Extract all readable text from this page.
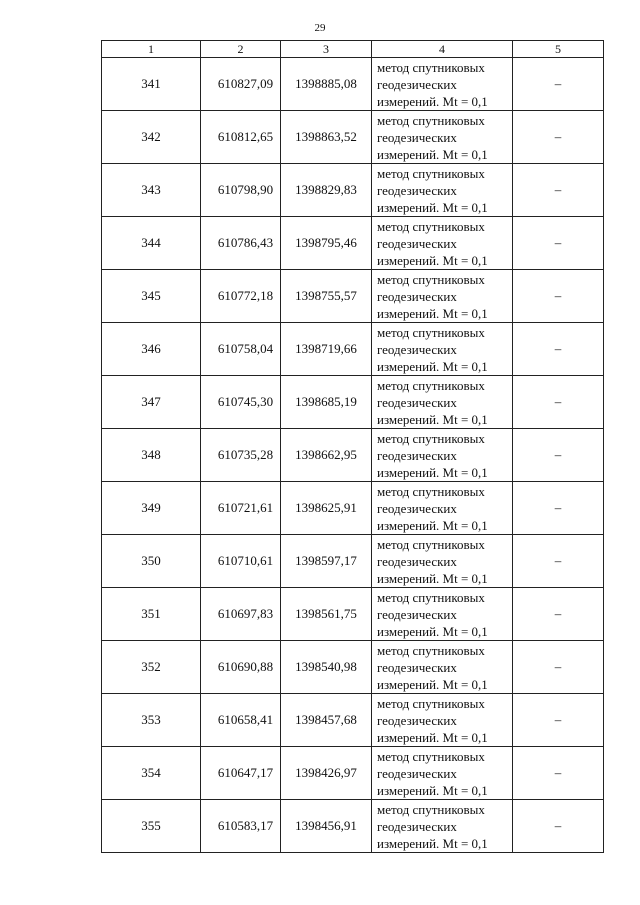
29
1	2	3	4	5
341	610827,09	1398885,08	метод спутниковых
геодезических
измерений. Mt = 0,1	–
342	610812,65	1398863,52	метод спутниковых
геодезических
измерений. Mt = 0,1	–
343	610798,90	1398829,83	метод спутниковых
геодезических
измерений. Mt = 0,1	–
344	610786,43	1398795,46	метод спутниковых
геодезических
измерений. Mt = 0,1	–
345	610772,18	1398755,57	метод спутниковых
геодезических
измерений. Mt = 0,1	–
346	610758,04	1398719,66	метод спутниковых
геодезических
измерений. Mt = 0,1	–
347	610745,30	1398685,19	метод спутниковых
геодезических
измерений. Mt = 0,1	–
348	610735,28	1398662,95	метод спутниковых
геодезических
измерений. Mt = 0,1	–
349	610721,61	1398625,91	метод спутниковых
геодезических
измерений. Mt = 0,1	–
350	610710,61	1398597,17	метод спутниковых
геодезических
измерений. Mt = 0,1	–
351	610697,83	1398561,75	метод спутниковых
геодезических
измерений. Mt = 0,1	–
352	610690,88	1398540,98	метод спутниковых
геодезических
измерений. Mt = 0,1	–
353	610658,41	1398457,68	метод спутниковых
геодезических
измерений. Mt = 0,1	–
354	610647,17	1398426,97	метод спутниковых
геодезических
измерений. Mt = 0,1	–
355	610583,17	1398456,91	метод спутниковых
геодезических
измерений. Mt = 0,1	–
